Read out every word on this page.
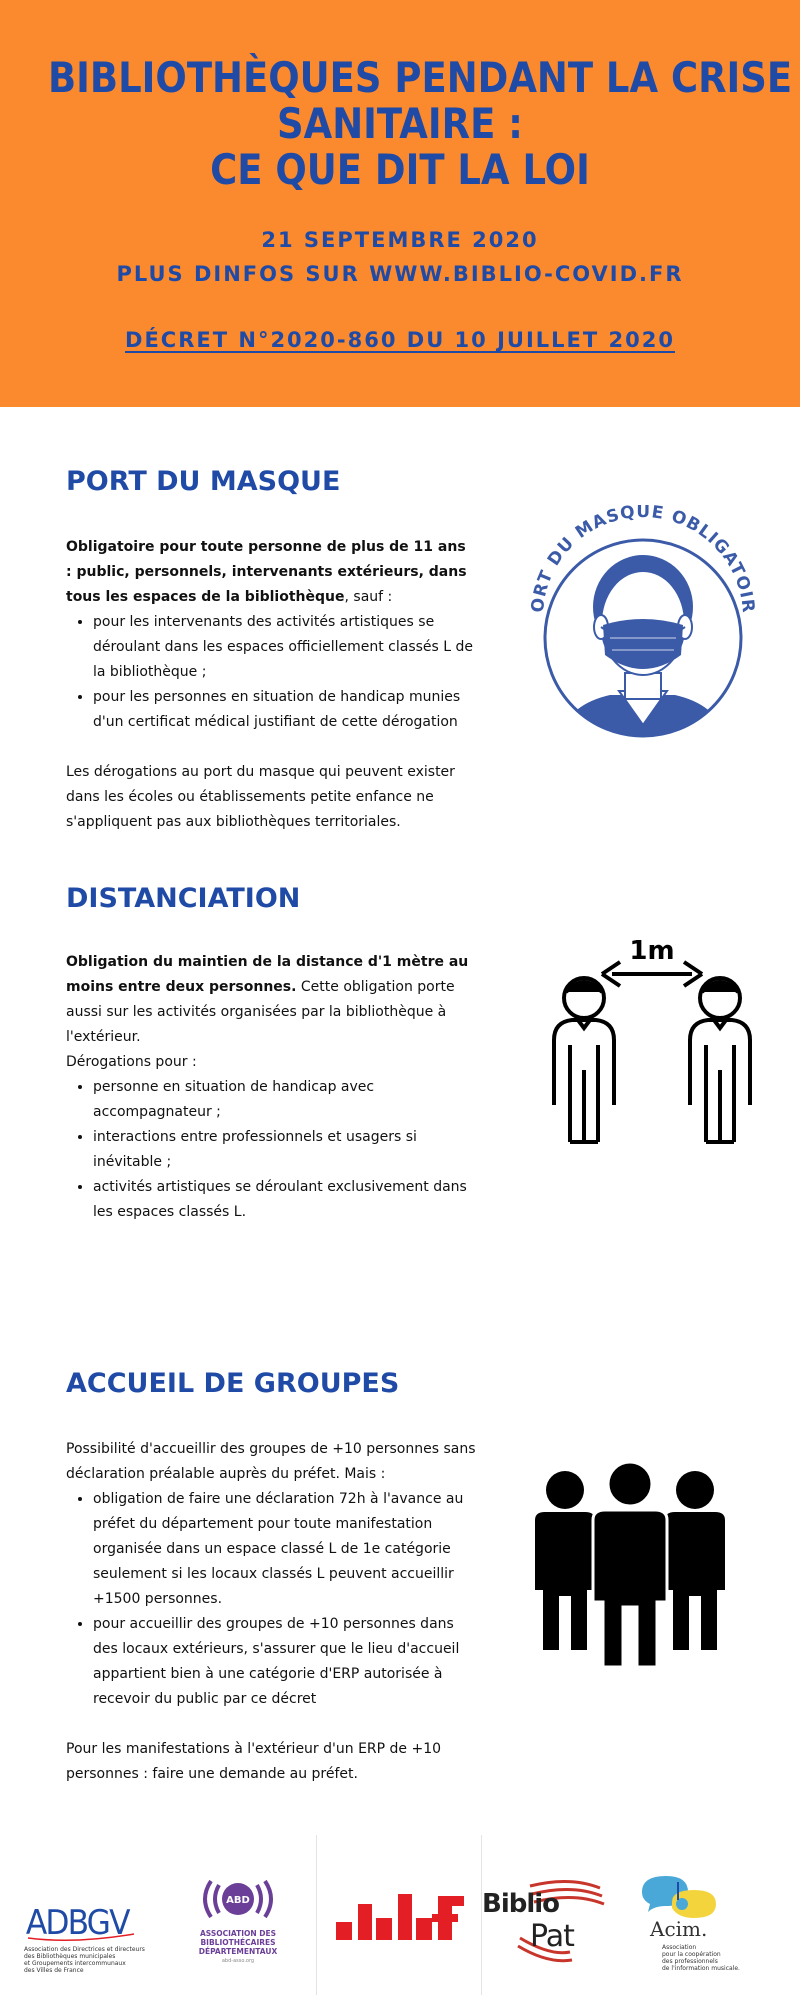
BIBLIOTHÈQUES PENDANT LA CRISE
SANITAIRE :
CE QUE DIT LA LOI
21 SEPTEMBRE 2020
PLUS DINFOS SUR WWW.BIBLIO-COVID.FR
DÉCRET N°2020-860 DU 10 JUILLET 2020
PORT DU MASQUE

Obligatoire pour toute personne de plus de 11 ans : public, personnels, intervenants extérieurs, dans tous les espaces de la bibliothèque, sauf :

• pour les intervenants des activités artistiques se déroulant dans les espaces officiellement classés L de la bibliothèque ;
• pour les personnes en situation de handicap munies d'un certificat médical justifiant de cette dérogation

Les dérogations au port du masque qui peuvent exister dans les écoles ou établissements petite enfance ne s'appliquent pas aux bibliothèques territoriales.

ORT DU MASQUE OBLIGATOIR
DISTANCIATION

Obligation du maintien de la distance d'1 mètre au moins entre deux personnes. Cette obligation porte aussi sur les activités organisées par la bibliothèque à l'extérieur.

Dérogations pour :

• personne en situation de handicap avec accompagnateur ;
• interactions entre professionnels et usagers si inévitable ;
• activités artistiques se déroulant exclusivement dans les espaces classés L.
1m
ACCUEIL DE GROUPES

Possibilité d'accueillir des groupes de +10 personnes sans déclaration préalable auprès du préfet. Mais :

• obligation de faire une déclaration 72h à l'avance au préfet du département pour toute manifestation organisée dans un espace classé L de 1e catégorie seulement si les locaux classés L peuvent accueillir +1500 personnes.
• pour accueillir des groupes de +10 personnes dans des locaux extérieurs, s'assurer que le lieu d'accueil appartient bien à une catégorie d'ERP autorisée à recevoir du public par ce décret

Pour les manifestations à l'extérieur d'un ERP de +10 personnes : faire une demande au préfet.

ADBGV
Association des Directrices et directeurs
des Bibliothèques municipales
et Groupements intercommunaux
des Villes de France
ABD
ASSOCIATION DES BIBLIOTHÉCAIRES
DÉPARTEMENTAUX
abd-asso.org
abf
Biblio
Pat	Acim.
Association
pour la coopération
des professionnels
de l'information musicale.
